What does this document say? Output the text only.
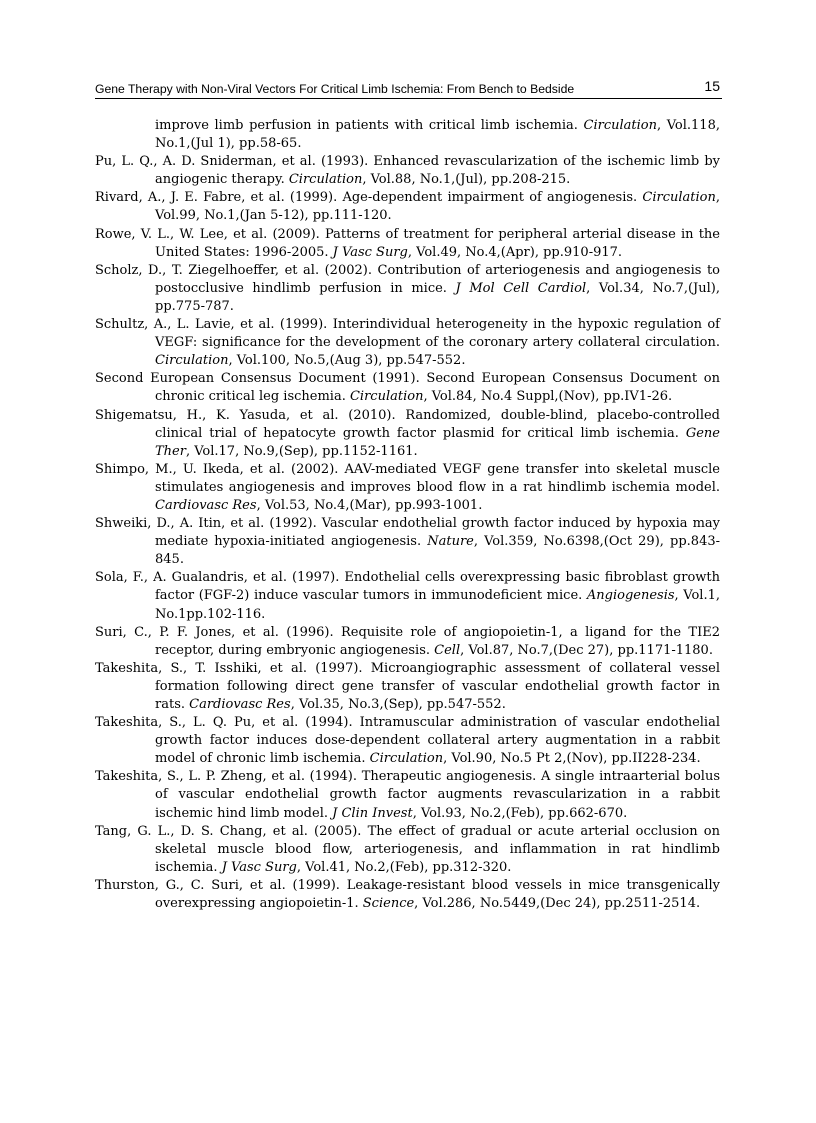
Gene Therapy with Non-Viral Vectors For Critical Limb Ischemia: From Bench to Bedside	15

improve limb perfusion in patients with critical limb ischemia. Circulation, Vol.118, No.1,(Jul 1), pp.58-65.

Pu, L. Q., A. D. Sniderman, et al. (1993). Enhanced revascularization of the ischemic limb by angiogenic therapy. Circulation, Vol.88, No.1,(Jul), pp.208-215.

Rivard, A., J. E. Fabre, et al. (1999). Age-dependent impairment of angiogenesis. Circulation, Vol.99, No.1,(Jan 5-12), pp.111-120.

Rowe, V. L., W. Lee, et al. (2009). Patterns of treatment for peripheral arterial disease in the United States: 1996-2005. J Vasc Surg, Vol.49, No.4,(Apr), pp.910-917.

Scholz, D., T. Ziegelhoeffer, et al. (2002). Contribution of arteriogenesis and angiogenesis to postocclusive hindlimb perfusion in mice. J Mol Cell Cardiol, Vol.34, No.7,(Jul), pp.775-787.

Schultz, A., L. Lavie, et al. (1999). Interindividual heterogeneity in the hypoxic regulation of VEGF: significance for the development of the coronary artery collateral circulation. Circulation, Vol.100, No.5,(Aug 3), pp.547-552.

Second European Consensus Document (1991). Second European Consensus Document on chronic critical leg ischemia. Circulation, Vol.84, No.4 Suppl,(Nov), pp.IV1-26.

Shigematsu, H., K. Yasuda, et al. (2010). Randomized, double-blind, placebo-controlled clinical trial of hepatocyte growth factor plasmid for critical limb ischemia. Gene Ther, Vol.17, No.9,(Sep), pp.1152-1161.

Shimpo, M., U. Ikeda, et al. (2002). AAV-mediated VEGF gene transfer into skeletal muscle stimulates angiogenesis and improves blood flow in a rat hindlimb ischemia model. Cardiovasc Res, Vol.53, No.4,(Mar), pp.993-1001.

Shweiki, D., A. Itin, et al. (1992). Vascular endothelial growth factor induced by hypoxia may mediate hypoxia-initiated angiogenesis. Nature, Vol.359, No.6398,(Oct 29), pp.843-845.

Sola, F., A. Gualandris, et al. (1997). Endothelial cells overexpressing basic fibroblast growth factor (FGF-2) induce vascular tumors in immunodeficient mice. Angiogenesis, Vol.1, No.1pp.102-116.

Suri, C., P. F. Jones, et al. (1996). Requisite role of angiopoietin-1, a ligand for the TIE2 receptor, during embryonic angiogenesis. Cell, Vol.87, No.7,(Dec 27), pp.1171-1180.

Takeshita, S., T. Isshiki, et al. (1997). Microangiographic assessment of collateral vessel formation following direct gene transfer of vascular endothelial growth factor in rats. Cardiovasc Res, Vol.35, No.3,(Sep), pp.547-552.

Takeshita, S., L. Q. Pu, et al. (1994). Intramuscular administration of vascular endothelial growth factor induces dose-dependent collateral artery augmentation in a rabbit model of chronic limb ischemia. Circulation, Vol.90, No.5 Pt 2,(Nov), pp.II228-234.

Takeshita, S., L. P. Zheng, et al. (1994). Therapeutic angiogenesis. A single intraarterial bolus of vascular endothelial growth factor augments revascularization in a rabbit ischemic hind limb model. J Clin Invest, Vol.93, No.2,(Feb), pp.662-670.

Tang, G. L., D. S. Chang, et al. (2005). The effect of gradual or acute arterial occlusion on skeletal muscle blood flow, arteriogenesis, and inflammation in rat hindlimb ischemia. J Vasc Surg, Vol.41, No.2,(Feb), pp.312-320.

Thurston, G., C. Suri, et al. (1999). Leakage-resistant blood vessels in mice transgenically overexpressing angiopoietin-1. Science, Vol.286, No.5449,(Dec 24), pp.2511-2514.
